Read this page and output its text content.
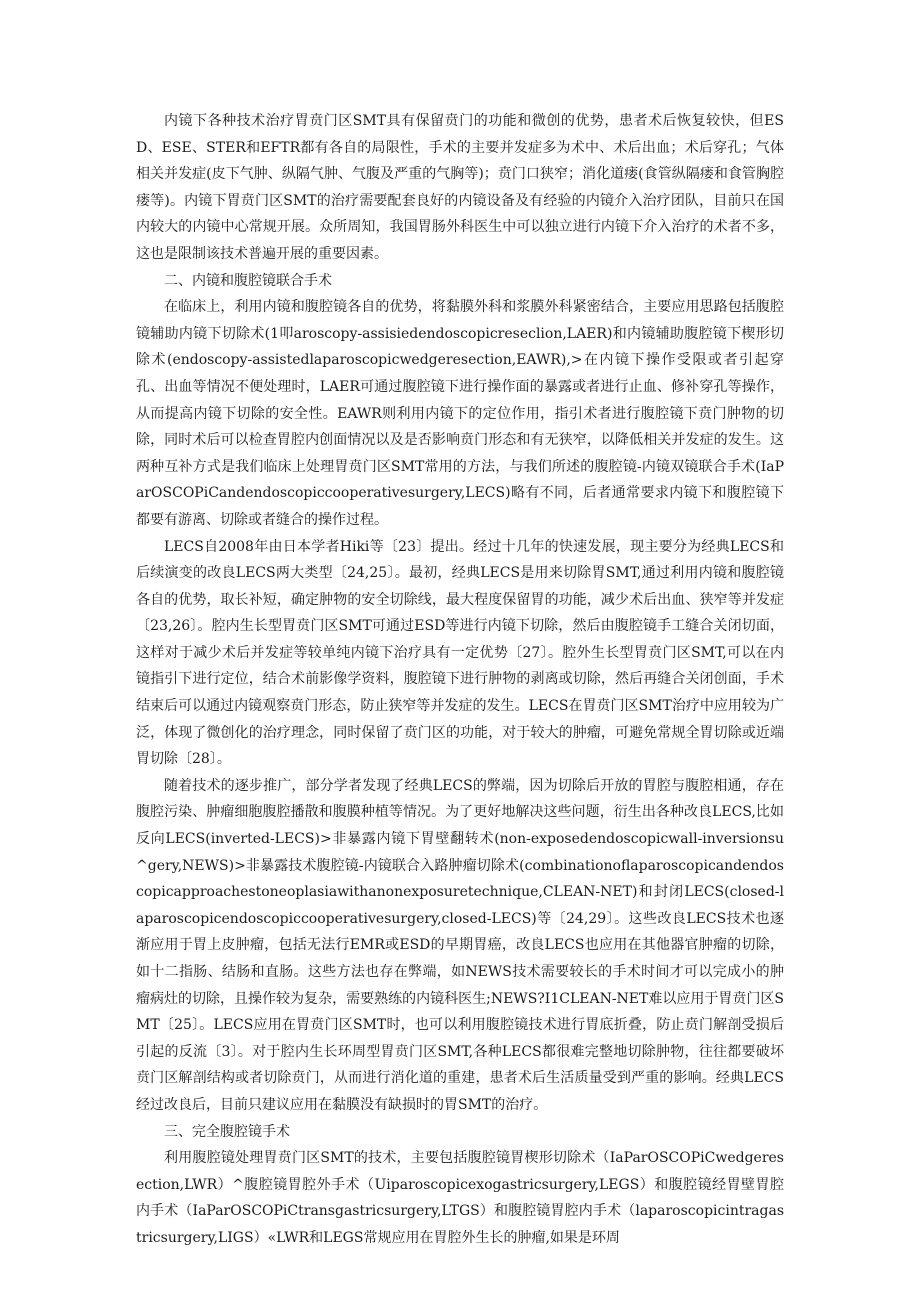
内镜下各种技术治疗胃贲门区SMT具有保留贲门的功能和微创的优势，患者术后恢复较快，但ESD、ESE、STER和EFTR都有各自的局限性，手术的主要并发症多为术中、术后出血；术后穿孔；气体相关并发症(皮下气肿、纵隔气肿、气腹及严重的气胸等)；贲门口狭窄；消化道瘘(食管纵隔瘘和食管胸腔瘘等)。内镜下胃贲门区SMT的治疗需要配套良好的内镜设备及有经验的内镜介入治疗团队，目前只在国内较大的内镜中心常规开展。众所周知，我国胃肠外科医生中可以独立进行内镜下介入治疗的术者不多，这也是限制该技术普遍开展的重要因素。

二、内镜和腹腔镜联合手术

在临床上，利用内镜和腹腔镜各自的优势，将黏膜外科和浆膜外科紧密结合，主要应用思路包括腹腔镜辅助内镜下切除术(1叩aroscopy-assisiedendoscopicreseclion,LAER)和内镜辅助腹腔镜下楔形切除术(endoscopy-assistedlaparoscopicwedgeresection,EAWR),>在内镜下操作受限或者引起穿孔、出血等情况不便处理时，LAER可通过腹腔镜下进行操作面的暴露或者进行止血、修补穿孔等操作，从而提高内镜下切除的安全性。EAWR则利用内镜下的定位作用，指引术者进行腹腔镜下贲门肿物的切除，同时术后可以检查胃腔内创面情况以及是否影响贲门形态和有无狭窄，以降低相关并发症的发生。这两种互补方式是我们临床上处理胃贲门区SMT常用的方法，与我们所述的腹腔镜-内镜双镜联合手术(IaParOSCOPiCandendoscopiccooperativesurgery,LECS)略有不同，后者通常要求内镜下和腹腔镜下都要有游离、切除或者缝合的操作过程。

LECS自2008年由日本学者Hiki等〔23〕提出。经过十几年的快速发展，现主要分为经典LECS和后续演变的改良LECS两大类型〔24,25〕。最初，经典LECS是用来切除胃SMT,通过利用内镜和腹腔镜各自的优势，取长补短，确定肿物的安全切除线，最大程度保留胃的功能，减少术后出血、狭窄等并发症〔23,26〕。腔内生长型胃贲门区SMT可通过ESD等进行内镜下切除，然后由腹腔镜手工缝合关闭切面，这样对于减少术后并发症等较单纯内镜下治疗具有一定优势〔27〕。腔外生长型胃贲门区SMT,可以在内镜指引下进行定位，结合术前影像学资料，腹腔镜下进行肿物的剥离或切除，然后再缝合关闭创面，手术结束后可以通过内镜观察贲门形态，防止狭窄等并发症的发生。LECS在胃贲门区SMT治疗中应用较为广泛，体现了微创化的治疗理念，同时保留了贲门区的功能，对于较大的肿瘤，可避免常规全胃切除或近端胃切除〔28〕。

随着技术的逐步推广，部分学者发现了经典LECS的弊端，因为切除后开放的胃腔与腹腔相通，存在腹腔污染、肿瘤细胞腹腔播散和腹膜种植等情况。为了更好地解决这些问题，衍生出各种改良LECS,比如反向LECS(inverted-LECS)>非暴露内镜下胃壁翻转术(non-exposedendoscopicwall-inversionsu^gery,NEWS)>非暴露技术腹腔镜-内镜联合入路肿瘤切除术(combinationoflaparoscopicandendoscopicapproachestoneoplasiawithanonexposuretechnique,CLEAN-NET)和封闭LECS(closed-laparoscopicendoscopiccooperativesurgery,closed-LECS)等〔24,29〕。这些改良LECS技术也逐渐应用于胃上皮肿瘤，包括无法行EMR或ESD的早期胃癌，改良LECS也应用在其他器官肿瘤的切除，如十二指肠、结肠和直肠。这些方法也存在弊端，如NEWS技术需要较长的手术时间才可以完成小的肿瘤病灶的切除，且操作较为复杂，需要熟练的内镜科医生;NEWS?I1CLEAN-NET难以应用于胃贲门区SMT〔25〕。LECS应用在胃贲门区SMT时，也可以利用腹腔镜技术进行胃底折叠，防止贲门解剖受损后引起的反流〔3〕。对于腔内生长环周型胃贲门区SMT,各种LECS都很难完整地切除肿物，往往都要破坏贲门区解剖结构或者切除贲门，从而进行消化道的重建，患者术后生活质量受到严重的影响。经典LECS经过改良后，目前只建议应用在黏膜没有缺损时的胃SMT的治疗。

三、完全腹腔镜手术

利用腹腔镜处理胃贲门区SMT的技术，主要包括腹腔镜胃楔形切除术（IaParOSCOPiCwedgeresection,LWR）^腹腔镜胃腔外手术（Uiparoscopicexogastricsurgery,LEGS）和腹腔镜经胃壁胃腔内手术（IaParOSCOPiCtransgastricsurgery,LTGS）和腹腔镜胃腔内手术（laparoscopicintragastricsurgery,LIGS）«LWR和LEGS常规应用在胃腔外生长的肿瘤,如果是环周
